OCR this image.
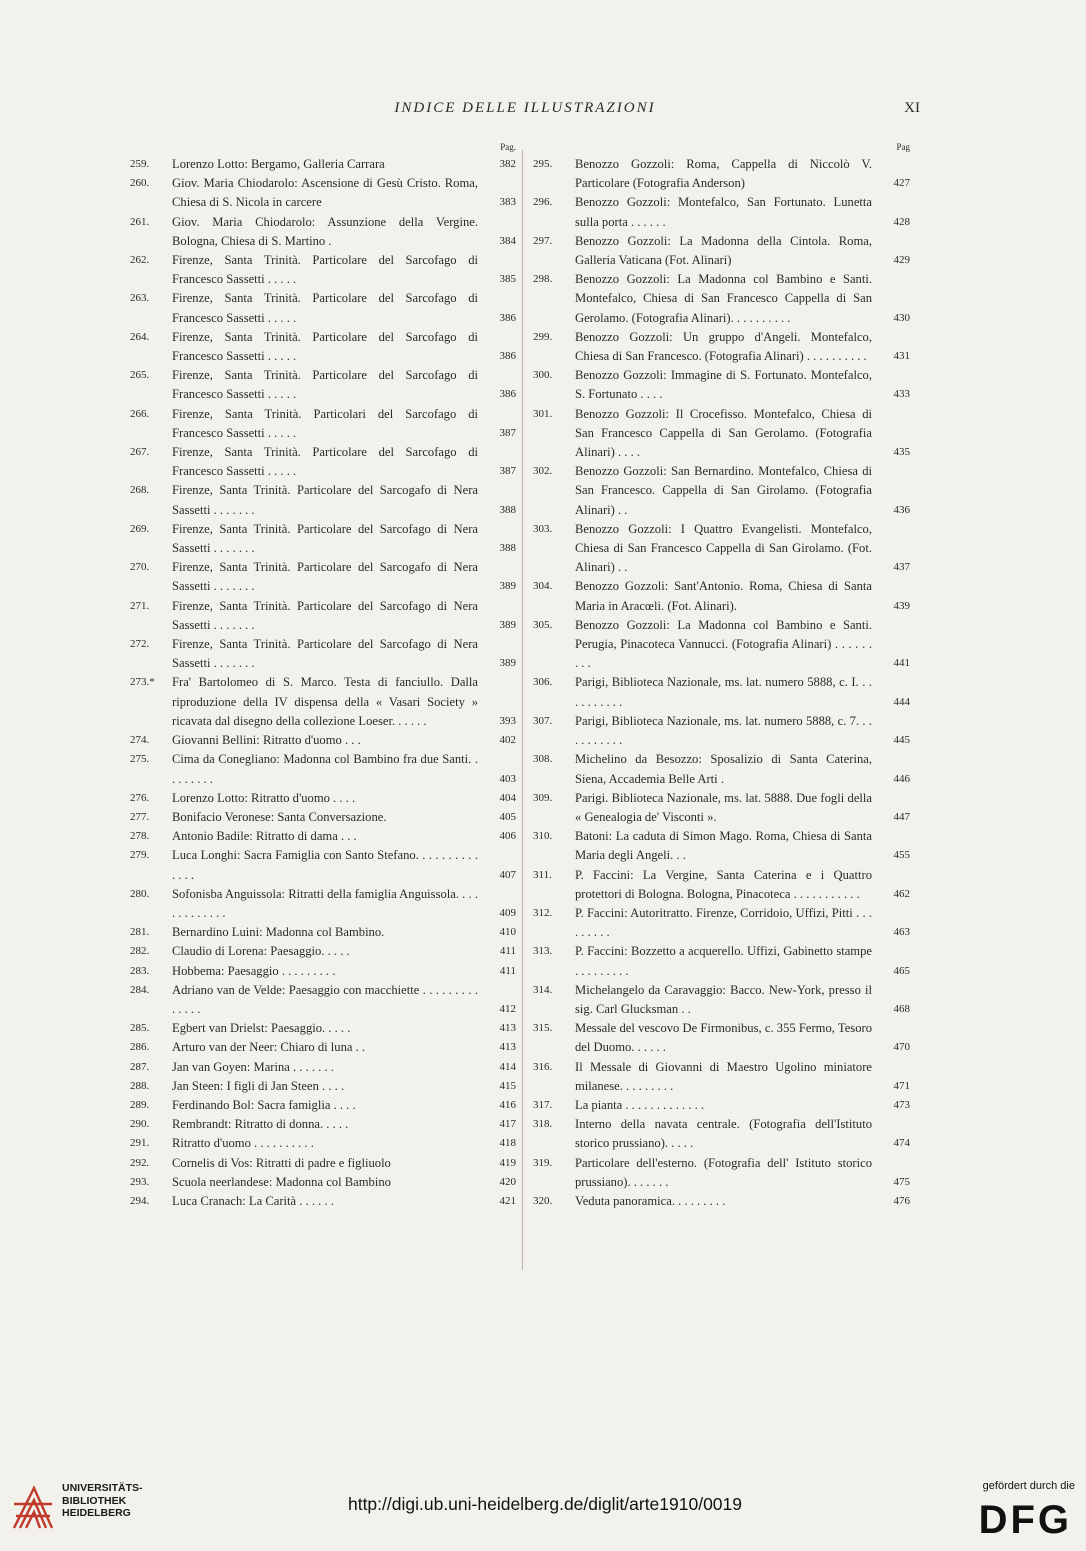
INDICE DELLE ILLUSTRAZIONI	XI
Pag.
259.	Lorenzo Lotto: Bergamo, Galleria Carrara	382
260.	Giov. Maria Chiodarolo: Ascensione di Gesù Cristo. Roma, Chiesa di S. Nicola in carcere	383
261.	Giov. Maria Chiodarolo: Assunzione della Vergine. Bologna, Chiesa di S. Martino .	384
262.	Firenze, Santa Trinità. Particolare del Sarcofago di Francesco Sassetti . . . . .	385
263.	Firenze, Santa Trinità. Particolare del Sarcofago di Francesco Sassetti . . . . .	386
264.	Firenze, Santa Trinità. Particolare del Sarcofago di Francesco Sassetti . . . . .	386
265.	Firenze, Santa Trinità. Particolare del Sarcofago di Francesco Sassetti . . . . .	386
266.	Firenze, Santa Trinità. Particolari del Sarcofago di Francesco Sassetti . . . . .	387
267.	Firenze, Santa Trinità. Particolare del Sarcofago di Francesco Sassetti . . . . .	387
268.	Firenze, Santa Trinità. Particolare del Sarcogafo di Nera Sassetti . . . . . . .	388
269.	Firenze, Santa Trinità. Particolare del Sarcofago di Nera Sassetti . . . . . . .	388
270.	Firenze, Santa Trinità. Particolare del Sarcogafo di Nera Sassetti . . . . . . .	389
271.	Firenze, Santa Trinità. Particolare del Sarcofago di Nera Sassetti . . . . . . .	389
272.	Firenze, Santa Trinità. Particolare del Sarcofago di Nera Sassetti . . . . . . .	389
273.*	Fra' Bartolomeo di S. Marco. Testa di fanciullo. Dalla riproduzione della IV dispensa della « Vasari Society » ricavata dal disegno della collezione Loeser. . . . . .	393
274.	Giovanni Bellini: Ritratto d'uomo . . .	402
275.	Cima da Conegliano: Madonna col Bambino fra due Santi. . . . . . . . .	403
276.	Lorenzo Lotto: Ritratto d'uomo . . . .	404
277.	Bonifacio Veronese: Santa Conversazione.	405
278.	Antonio Badile: Ritratto di dama . . .	406
279.	Luca Longhi: Sacra Famiglia con Santo Stefano. . . . . . . . . . . . . .	407
280.	Sofonisba Anguissola: Ritratti della famiglia Anguissola. . . . . . . . . . . . .	409
281.	Bernardino Luini: Madonna col Bambino.	410
282.	Claudio di Lorena: Paesaggio. . . . .	411
283.	Hobbema: Paesaggio . . . . . . . . .	411
284.	Adriano van de Velde: Paesaggio con macchiette . . . . . . . . . . . . . .	412
285.	Egbert van Drielst: Paesaggio. . . . .	413
286.	Arturo van der Neer: Chiaro di luna . .	413
287.	Jan van Goyen: Marina . . . . . . .	414
288.	Jan Steen: I figli di Jan Steen . . . .	415
289.	Ferdinando Bol: Sacra famiglia . . . .	416
290.	Rembrandt: Ritratto di donna. . . . .	417
291.	Ritratto d'uomo . . . . . . . . . .	418
292.	Cornelis di Vos: Ritratti di padre e figliuolo	419
293.	Scuola neerlandese: Madonna col Bambino	420
294.	Luca Cranach: La Carità . . . . . .	421
Pag
295.	Benozzo Gozzoli: Roma, Cappella di Niccolò V. Particolare (Fotografia Anderson)	427
296.	Benozzo Gozzoli: Montefalco, San Fortunato. Lunetta sulla porta . . . . . .	428
297.	Benozzo Gozzoli: La Madonna della Cintola. Roma, Galleria Vaticana (Fot. Alinari)	429
298.	Benozzo Gozzoli: La Madonna col Bambino e Santi. Montefalco, Chiesa di San Francesco Cappella di San Gerolamo. (Fotografia Alinari). . . . . . . . . .	430
299.	Benozzo Gozzoli: Un gruppo d'Angeli. Montefalco, Chiesa di San Francesco. (Fotografia Alinari) . . . . . . . . . .	431
300.	Benozzo Gozzoli: Immagine di S. Fortunato. Montefalco, S. Fortunato . . . .	433
301.	Benozzo Gozzoli: Il Crocefisso. Montefalco, Chiesa di San Francesco Cappella di San Gerolamo. (Fotografia Alinari) . . . .	435
302.	Benozzo Gozzoli: San Bernardino. Montefalco, Chiesa di San Francesco. Cappella di San Girolamo. (Fotografia Alinari) . .	436
303.	Benozzo Gozzoli: I Quattro Evangelisti. Montefalco, Chiesa di San Francesco Cappella di San Girolamo. (Fot. Alinari) . .	437
304.	Benozzo Gozzoli: Sant'Antonio. Roma, Chiesa di Santa Maria in Aracœli. (Fot. Alinari).	439
305.	Benozzo Gozzoli: La Madonna col Bambino e Santi. Perugia, Pinacoteca Vannucci. (Fotografia Alinari) . . . . . . . . .	441
306.	Parigi, Biblioteca Nazionale, ms. lat. numero 5888, c. I. . . . . . . . . . .	444
307.	Parigi, Biblioteca Nazionale, ms. lat. numero 5888, c. 7. . . . . . . . . . .	445
308.	Michelino da Besozzo: Sposalizio di Santa Caterina, Siena, Accademia Belle Arti .	446
309.	Parigi. Biblioteca Nazionale, ms. lat. 5888. Due fogli della « Genealogia de' Visconti ».	447
310.	Batoni: La caduta di Simon Mago. Roma, Chiesa di Santa Maria degli Angeli. . .	455
311.	P. Faccini: La Vergine, Santa Caterina e i Quattro protettori di Bologna. Bologna, Pinacoteca . . . . . . . . . . .	462
312.	P. Faccini: Autoritratto. Firenze, Corridoio, Uffizi, Pitti . . . . . . . . .	463
313.	P. Faccini: Bozzetto a acquerello. Uffizi, Gabinetto stampe . . . . . . . . .	465
314.	Michelangelo da Caravaggio: Bacco. New-York, presso il sig. Carl Glucksman . .	468
315.	Messale del vescovo De Firmonibus, c. 355 Fermo, Tesoro del Duomo. . . . . .	470
316.	Il Messale di Giovanni di Maestro Ugolino miniatore milanese. . . . . . . . .	471
317.	La pianta . . . . . . . . . . . . .	473
318.	Interno della navata centrale. (Fotografia dell'Istituto storico prussiano). . . . .	474
319.	Particolare dell'esterno. (Fotografia dell' Istituto storico prussiano). . . . . . .	475
320.	Veduta panoramica. . . . . . . . .	476
UNIVERSITÄTS-
BIBLIOTHEK
HEIDELBERG	http://digi.ub.uni-heidelberg.de/diglit/arte1910/0019
gefördert durch die
DFG
